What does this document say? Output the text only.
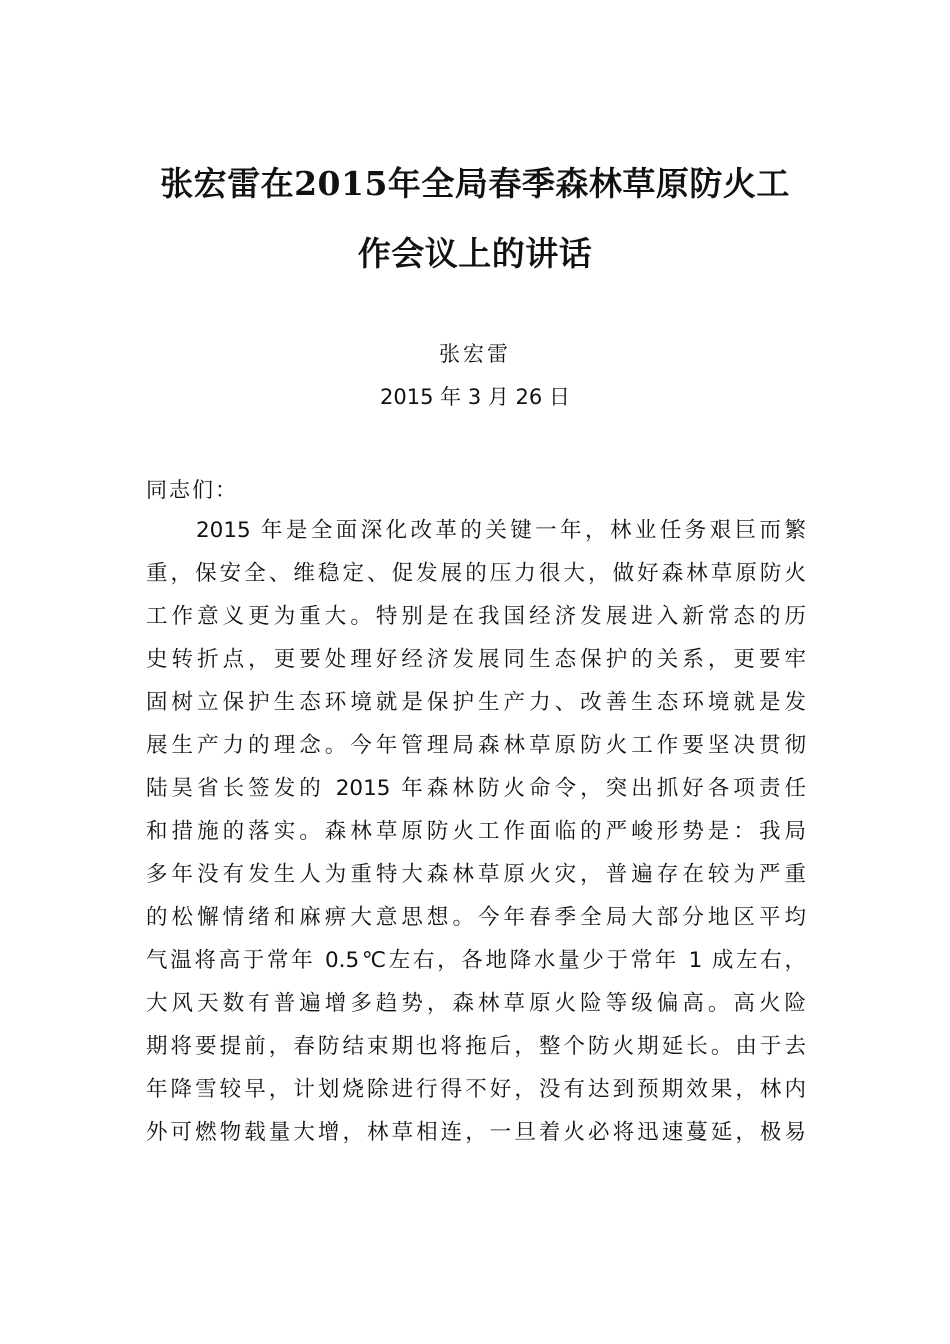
张宏雷在2015年全局春季森林草原防火工
作会议上的讲话
张宏雷
2015 年 3 月 26 日
同志们：
2015 年是全面深化改革的关键一年，林业任务艰巨而繁
重，保安全、维稳定、促发展的压力很大，做好森林草原防火
工作意义更为重大。特别是在我国经济发展进入新常态的历
史转折点，更要处理好经济发展同生态保护的关系，更要牢
固树立保护生态环境就是保护生产力、改善生态环境就是发
展生产力的理念。今年管理局森林草原防火工作要坚决贯彻
陆昊省长签发的 2015 年森林防火命令，突出抓好各项责任
和措施的落实。森林草原防火工作面临的严峻形势是：我局
多年没有发生人为重特大森林草原火灾，普遍存在较为严重
的松懈情绪和麻痹大意思想。今年春季全局大部分地区平均
气温将高于常年 0.5℃左右，各地降水量少于常年 1 成左右，
大风天数有普遍增多趋势，森林草原火险等级偏高。高火险
期将要提前，春防结束期也将拖后，整个防火期延长。由于去
年降雪较早，计划烧除进行得不好，没有达到预期效果，林内
外可燃物载量大增，林草相连，一旦着火必将迅速蔓延，极易
